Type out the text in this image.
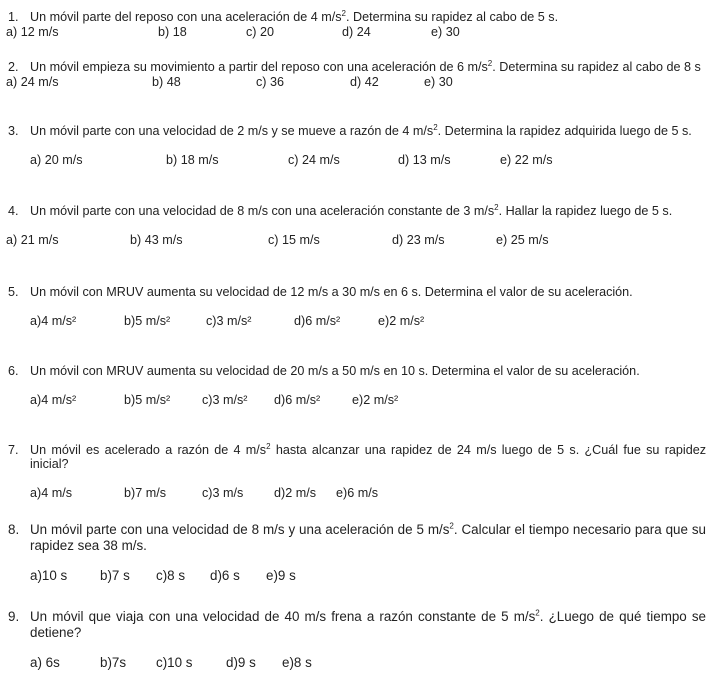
1. Un móvil parte del reposo con una aceleración de 4 $m/s^2$. Determina su rapidez al cabo de 5 s.
a) 12 m/s	b) 18	c) 20	d) 24	e) 30
2. Un móvil empieza su movimiento a partir del reposo con una aceleración de 6 $m/s^2$. Determina su rapidez al cabo de 8 s
a) 24 m/s	b) 48	c) 36	d) 42	e) 30
3. Un móvil parte con una velocidad de 2 m/s y se mueve a razón de 4 $m/s^2$. Determina la rapidez adquirida luego de 5 s.
a) 20 m/s	b) 18 m/s	c) 24 m/s	d) 13 m/s	e) 22 m/s
4. Un móvil parte con una velocidad de 8 m/s con una aceleración constante de 3 $m/s^2$. Hallar la rapidez luego de 5 s.
a) 21 m/s	b) 43 m/s	c) 15 m/s	d) 23 m/s	e) 25 m/s
5. Un móvil con MRUV aumenta su velocidad de 12 m/s a 30 m/s en 6 s. Determina el valor de su aceleración.
a)4 m/s²	b)5 m/s²	c)3 m/s²	d)6 m/s²	e)2 m/s²
6. Un móvil con MRUV aumenta su velocidad de 20 m/s a 50 m/s en 10 s. Determina el valor de su aceleración.
a)4 m/s²	b)5 m/s²	c)3 m/s² d)6 m/s²	e)2 m/s²
7. Un móvil es acelerado a razón de 4 $m/s^2$ hasta alcanzar una rapidez de 24 m/s luego de 5 s. ¿Cuál fue su rapidez inicial?
a)4 m/s	b)7 m/s	c)3 m/s d)2 m/s e)6 m/s
8. Un móvil parte con una velocidad de 8 m/s y una aceleración de 5 $m/s^2$. Calcular el tiempo necesario para que su rapidez sea 38 m/s.
a)10 s b)7 s c)8 s d)6 s e)9 s
9. Un móvil que viaja con una velocidad de 40 m/s frena a razón constante de 5 $m/s^2$. ¿Luego de qué tiempo se detiene?
a) 6s	b)7s c)10 s	d)9 s e)8 s
